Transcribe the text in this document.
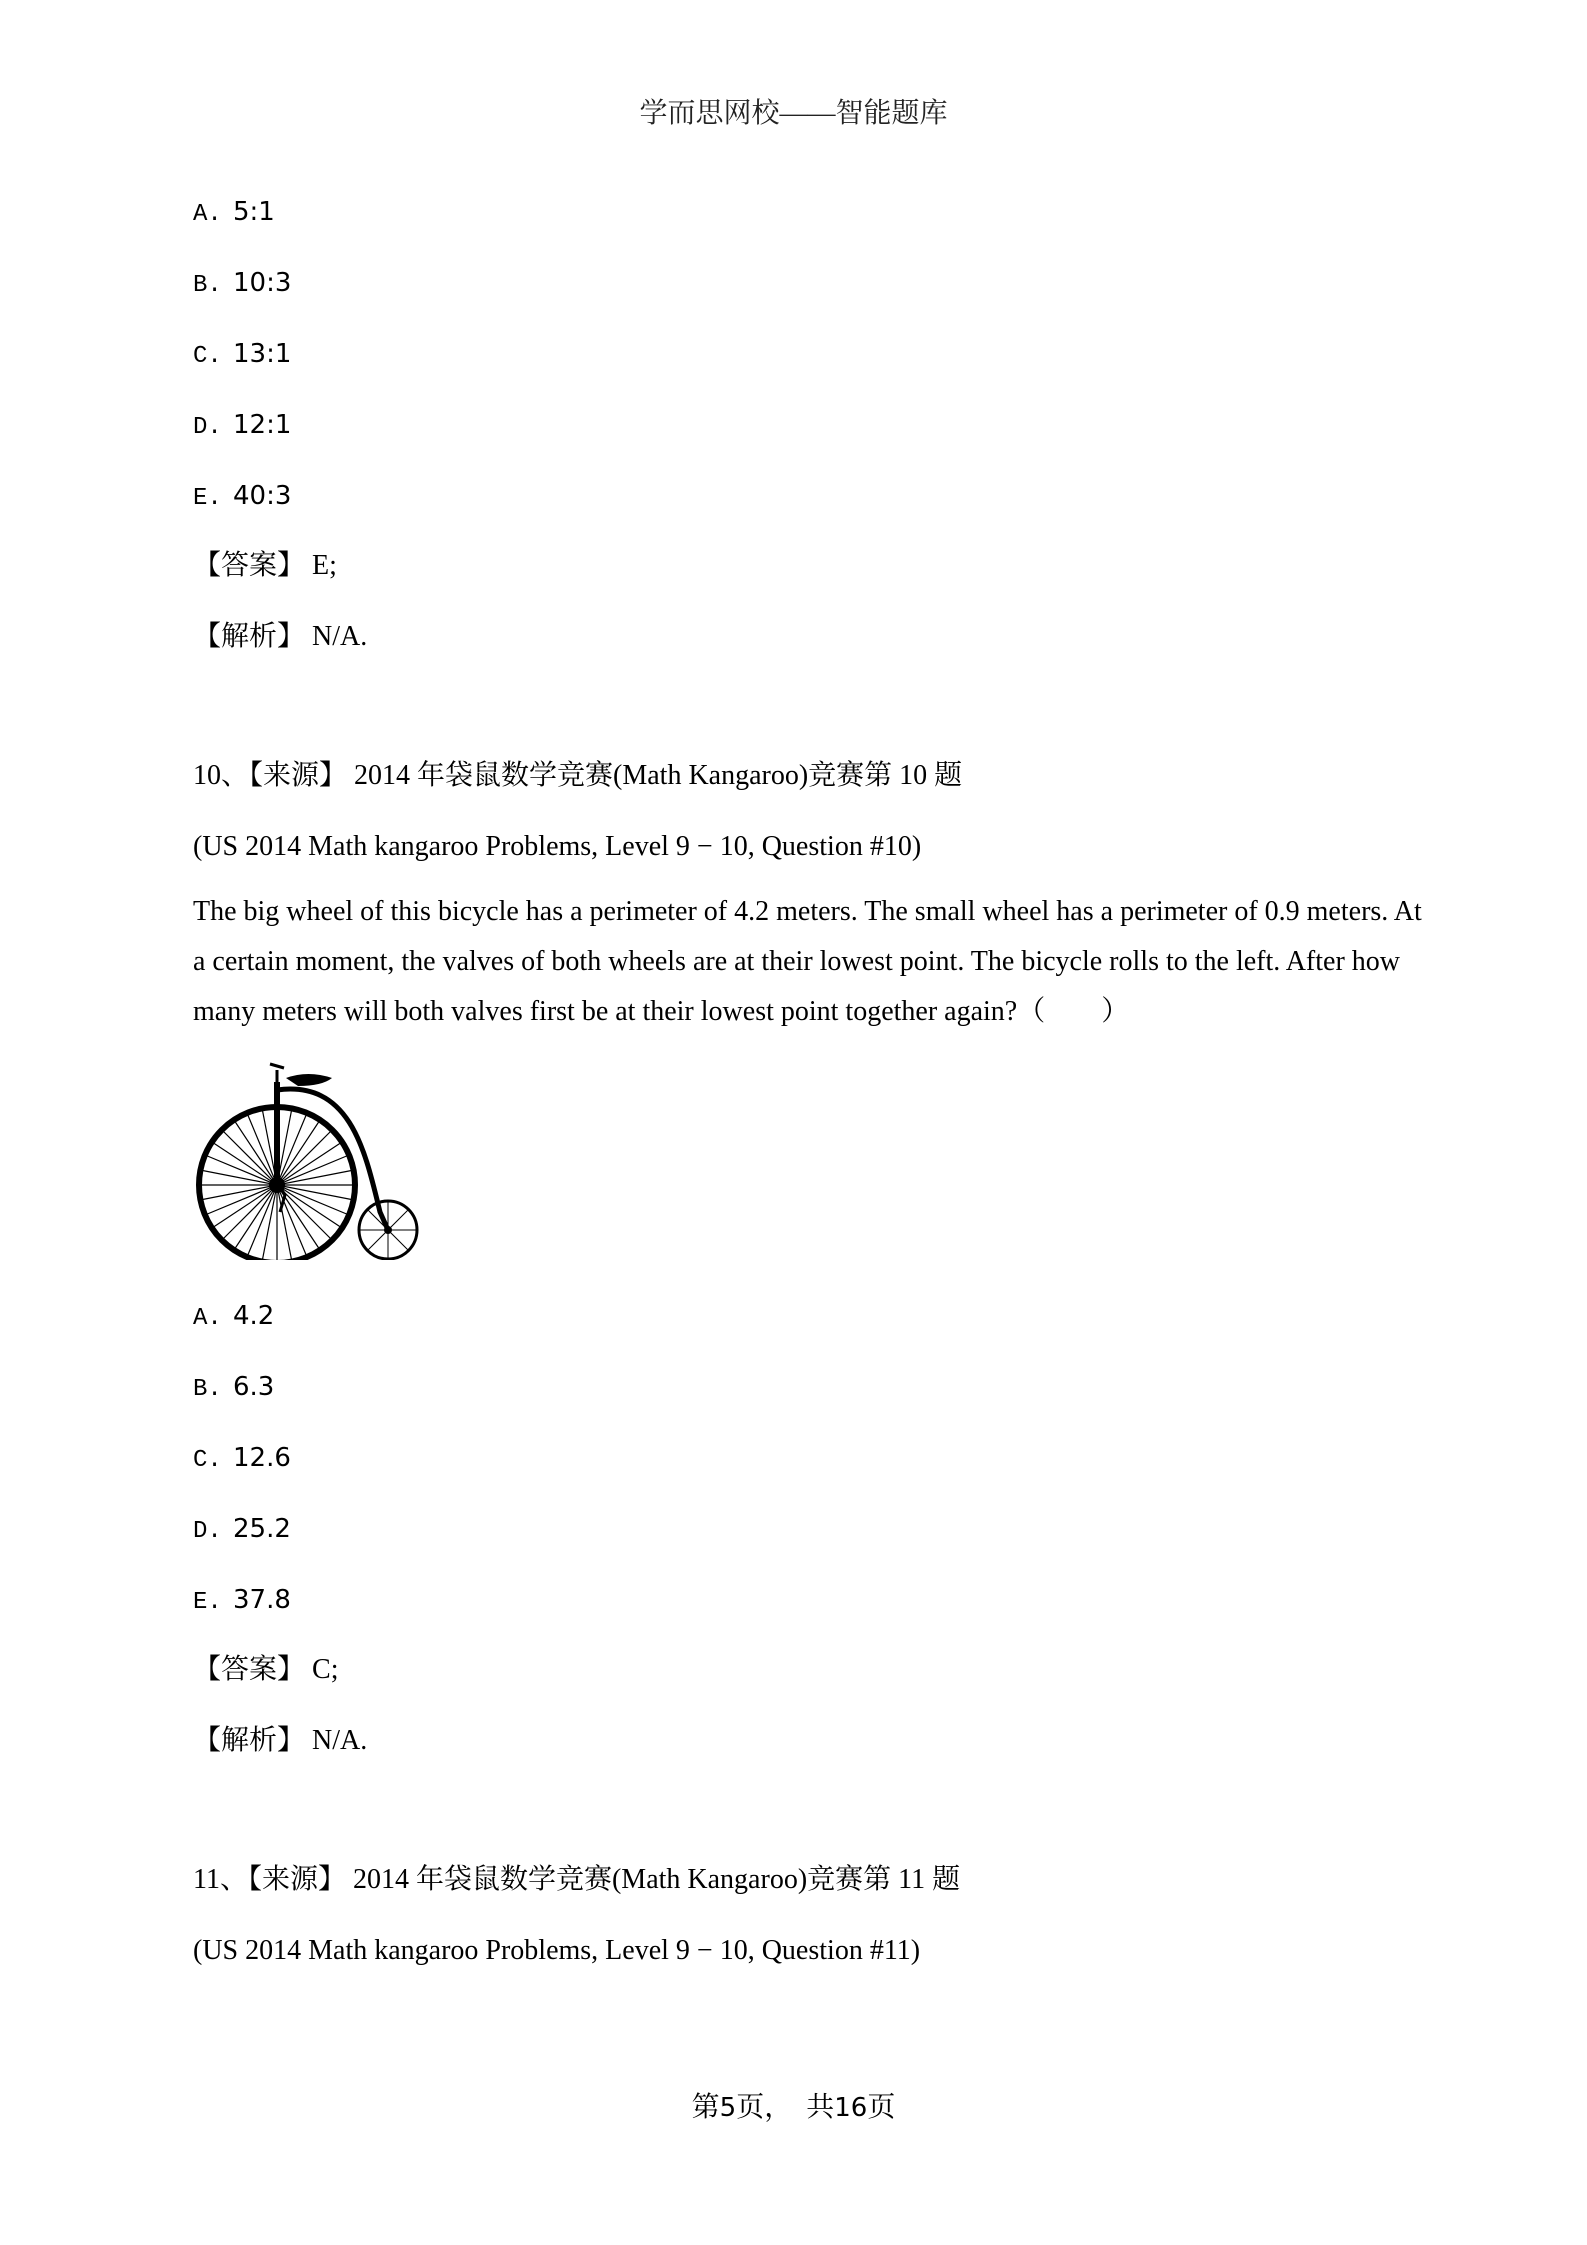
学而思网校——智能题库
A. 5:1
B. 10:3
C. 13:1
D. 12:1
E. 40:3
【答案】 E;
【解析】 N/A.
10、【来源】 2014 年袋鼠数学竞赛(Math Kangaroo)竞赛第 10 题
(US 2014 Math kangaroo Problems, Level 9 − 10, Question #10)
The big wheel of this bicycle has a perimeter of 4.2 meters. The small wheel has a perimeter of 0.9 meters. At a certain moment, the valves of both wheels are at their lowest point. The bicycle rolls to the left. After how many meters will both valves first be at their lowest point together again?（　　）
A. 4.2
B. 6.3
C. 12.6
D. 25.2
E. 37.8
【答案】 C;
【解析】 N/A.
11、【来源】 2014 年袋鼠数学竞赛(Math Kangaroo)竞赛第 11 题
(US 2014 Math kangaroo Problems, Level 9 − 10, Question #11)
第5页，　共16页
